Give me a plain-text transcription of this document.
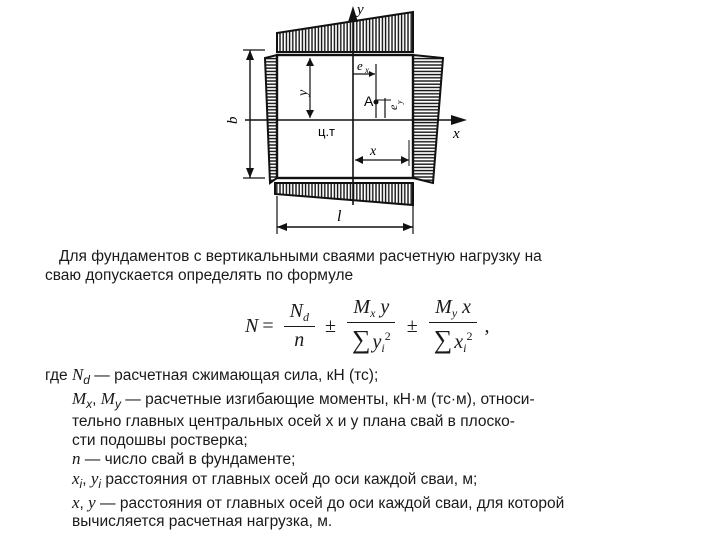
y
x
b
y
e x
A e
y
ц.т
x
l
Для фундаментов с вертикальными сваями расчетную нагрузку на
сваю допускается определять по формуле
$N = \frac{N_d}{n} \pm \frac{M_x y}{\sum y_i^2} \pm \frac{M_y x}{\sum x_i^2}$ ,
где $N_d$ — расчетная сжимающая сила, кН (тс);
$M_x$, $M_y$ — расчетные изгибающие моменты, кН·м (тс·м), относи-
тельно главных центральных осей x и y плана свай в плоско-
сти подошвы ростверка;
n — число свай в фундаменте;
$x_i$, $y_i$ расстояния от главных осей до оси каждой сваи, м;
x, y — расстояния от главных осей до оси каждой сваи, для которой
вычисляется расчетная нагрузка, м.
